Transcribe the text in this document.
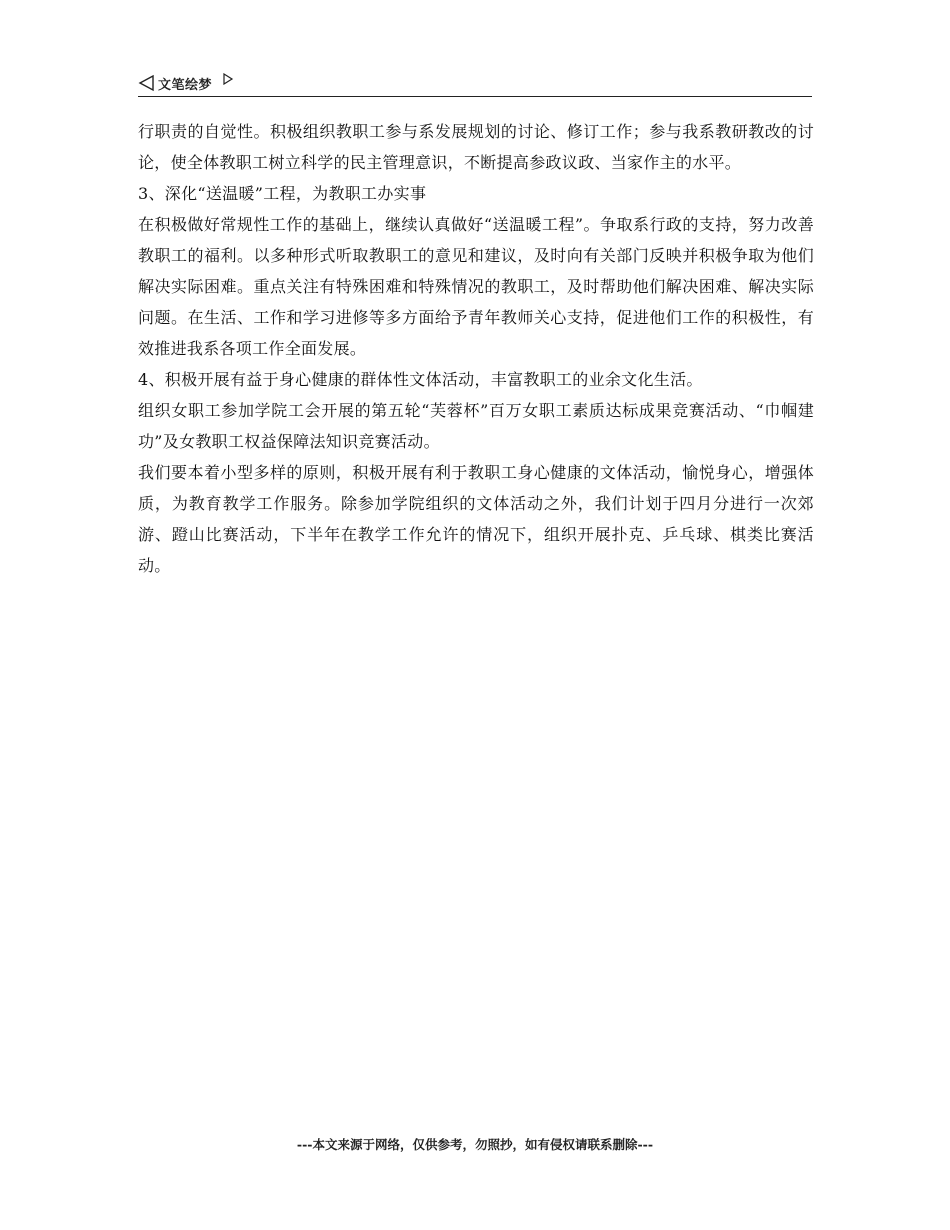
文笔绘梦

行职责的自觉性。积极组织教职工参与系发展规划的讨论、修订工作；参与我系教研教改的讨论，使全体教职工树立科学的民主管理意识，不断提高参政议政、当家作主的水平。

3、深化“送温暖”工程，为教职工办实事

在积极做好常规性工作的基础上，继续认真做好“送温暖工程”。争取系行政的支持，努力改善教职工的福利。以多种形式听取教职工的意见和建议，及时向有关部门反映并积极争取为他们解决实际困难。重点关注有特殊困难和特殊情况的教职工，及时帮助他们解决困难、解决实际问题。在生活、工作和学习进修等多方面给予青年教师关心支持，促进他们工作的积极性，有效推进我系各项工作全面发展。

4、积极开展有益于身心健康的群体性文体活动，丰富教职工的业余文化生活。

组织女职工参加学院工会开展的第五轮“芙蓉杯”百万女职工素质达标成果竞赛活动、“巾帼建功”及女教职工权益保障法知识竞赛活动。

我们要本着小型多样的原则，积极开展有利于教职工身心健康的文体活动，愉悦身心，增强体质，为教育教学工作服务。除参加学院组织的文体活动之外，我们计划于四月分进行一次郊游、蹬山比赛活动，下半年在教学工作允许的情况下，组织开展扑克、乒乓球、棋类比赛活动。

---本文来源于网络，仅供参考，勿照抄，如有侵权请联系删除---
